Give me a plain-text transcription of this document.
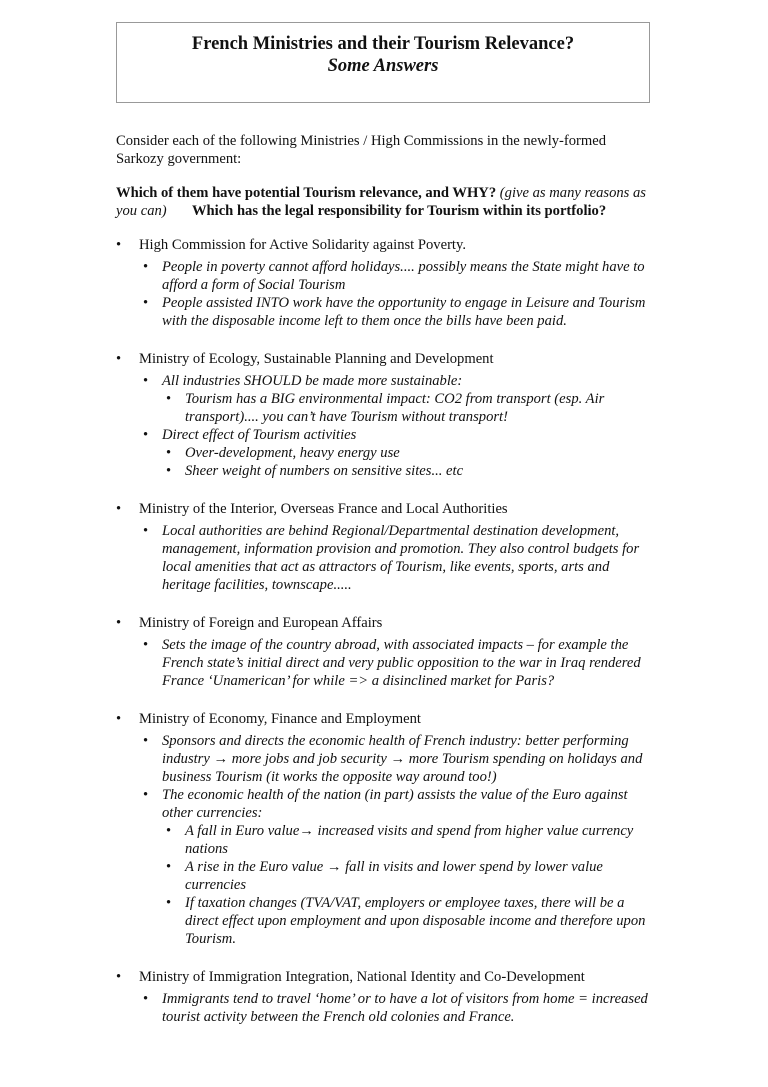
French Ministries and their Tourism Relevance?
Some Answers

Consider each of the following Ministries / High Commissions in the newly-formed Sarkozy government:

Which of them have potential Tourism relevance, and WHY? (give as many reasons as you can) Which has the legal responsibility for Tourism within its portfolio?

• High Commission for Active Solidarity against Poverty.
• People in poverty cannot afford holidays.... possibly means the State might have to afford a form of Social Tourism
• People assisted INTO work have the opportunity to engage in Leisure and Tourism with the disposable income left to them once the bills have been paid.
• Ministry of Ecology, Sustainable Planning and Development
• All industries SHOULD be made more sustainable:
• Tourism has a BIG environmental impact: CO2 from transport (esp. Air transport).... you can’t have Tourism without transport!
• Direct effect of Tourism activities
• Over-development, heavy energy use
• Sheer weight of numbers on sensitive sites... etc
• Ministry of the Interior, Overseas France and Local Authorities
• Local authorities are behind Regional/Departmental destination development, management, information provision and promotion. They also control budgets for local amenities that act as attractors of Tourism, like events, sports, arts and heritage facilities, townscape.....
• Ministry of Foreign and European Affairs
• Sets the image of the country abroad, with associated impacts – for example the French state’s initial direct and very public opposition to the war in Iraq rendered France ‘Unamerican’ for while => a disinclined market for Paris?
• Ministry of Economy, Finance and Employment
• Sponsors and directs the economic health of French industry: better performing industry → more jobs and job security → more Tourism spending on holidays and business Tourism (it works the opposite way around too!)
• The economic health of the nation (in part) assists the value of the Euro against other currencies:
• A fall in Euro value→ increased visits and spend from higher value currency nations
• A rise in the Euro value → fall in visits and lower spend by lower value currencies
• If taxation changes (TVA/VAT, employers or employee taxes, there will be a direct effect upon employment and upon disposable income and therefore upon Tourism.
• Ministry of Immigration Integration, National Identity and Co-Development
• Immigrants tend to travel ‘home’ or to have a lot of visitors from home = increased tourist activity between the French old colonies and France.
